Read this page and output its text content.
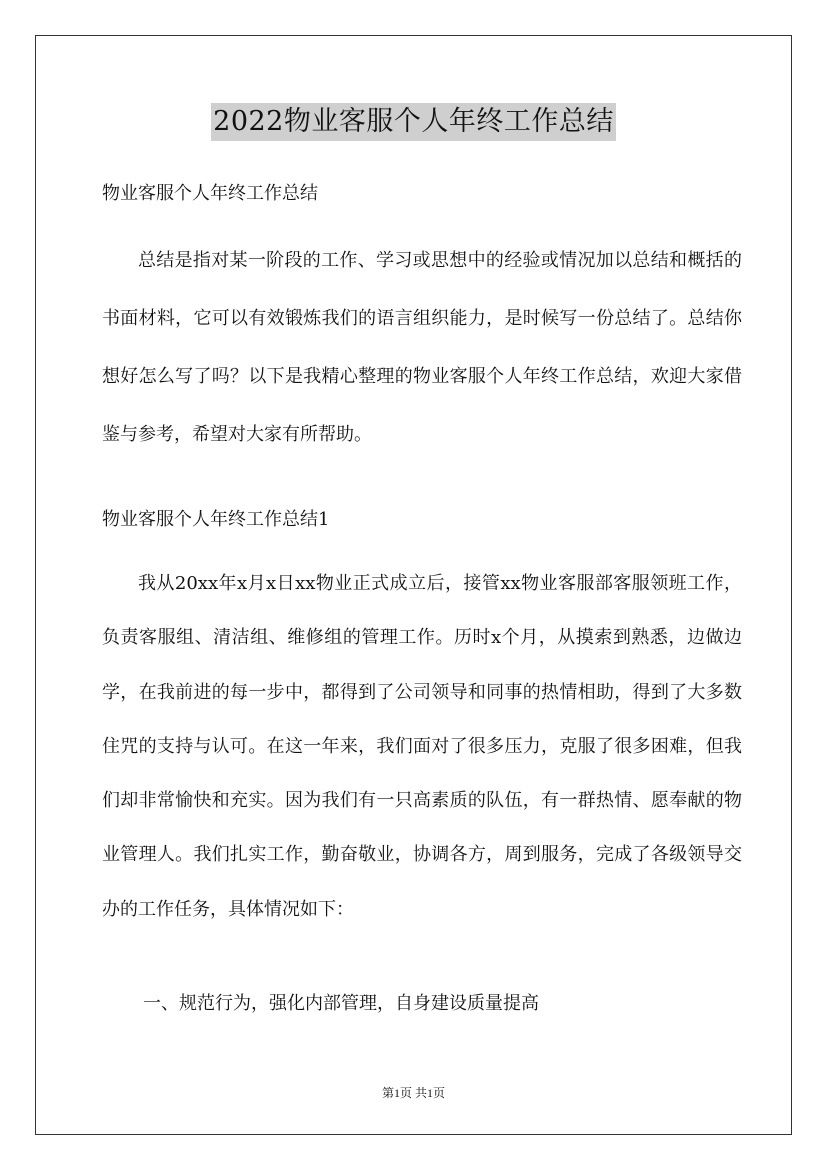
2022物业客服个人年终工作总结

物业客服个人年终工作总结

总结是指对某一阶段的工作、学习或思想中的经验或情况加以总结和概括的书面材料，它可以有效锻炼我们的语言组织能力，是时候写一份总结了。总结你想好怎么写了吗？以下是我精心整理的物业客服个人年终工作总结，欢迎大家借鉴与参考，希望对大家有所帮助。

物业客服个人年终工作总结1

我从20xx年x月x日xx物业正式成立后，接管xx物业客服部客服领班工作，负责客服组、清洁组、维修组的管理工作。历时x个月，从摸索到熟悉，边做边学，在我前进的每一步中，都得到了公司领导和同事的热情相助，得到了大多数住咒的支持与认可。在这一年来，我们面对了很多压力，克服了很多困难，但我们却非常愉快和充实。因为我们有一只高素质的队伍，有一群热情、愿奉献的物业管理人。我们扎实工作，勤奋敬业，协调各方，周到服务，完成了各级领导交办的工作任务，具体情况如下：

一、规范行为，强化内部管理，自身建设质量提高

第1页 共1页
